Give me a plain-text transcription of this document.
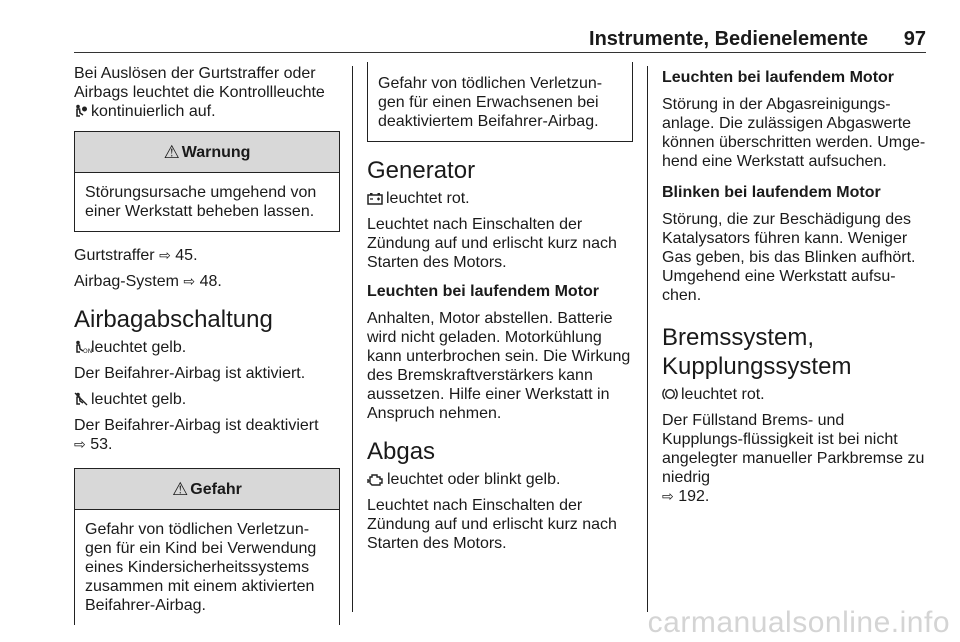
Instrumente, Bedienelemente 97

Bei Auslösen der Gurtstraffer oder Airbags leuchtet die Kontrollleuchte

kontinuierlich auf.

⚠ Warnung
Störungsursache umgehend von einer Werkstatt beheben lassen.

Gurtstraffer ⇨ 45.

Airbag-System ⇨ 48.

Airbagabschaltung

ON
leuchtet gelb.

Der Beifahrer-Airbag ist aktiviert.

leuchtet gelb.

Der Beifahrer-Airbag ist deaktiviert
⇨ 53.

⚠ Gefahr
Gefahr von tödlichen Verletzun-gen für ein Kind bei Verwendung eines Kindersicherheitssystems zusammen mit einem aktivierten Beifahrer-Airbag.
Gefahr von tödlichen Verletzun-gen für einen Erwachsenen bei deaktiviertem Beifahrer-Airbag.
Generator

leuchtet rot.

Leuchtet nach Einschalten der Zündung auf und erlischt kurz nach Starten des Motors.

Leuchten bei laufendem Motor

Anhalten, Motor abstellen. Batterie wird nicht geladen. Motorkühlung kann unterbrochen sein. Die Wirkung des Bremskraftverstärkers kann aussetzen. Hilfe einer Werkstatt in Anspruch nehmen.

Abgas

leuchtet oder blinkt gelb.

Leuchtet nach Einschalten der Zündung auf und erlischt kurz nach Starten des Motors.

Leuchten bei laufendem Motor

Störung in der Abgasreinigungs-anlage. Die zulässigen Abgaswerte können überschritten werden. Umge-hend eine Werkstatt aufsuchen.

Blinken bei laufendem Motor

Störung, die zur Beschädigung des Katalysators führen kann. Weniger Gas geben, bis das Blinken aufhört. Umgehend eine Werkstatt aufsu-chen.

Bremssystem,
Kupplungssystem

leuchtet rot.

Der Füllstand Brems- und Kupplungs-flüssigkeit ist bei nicht angelegter manueller Parkbremse zu niedrig
⇨ 192.

carmanualsonline.info
